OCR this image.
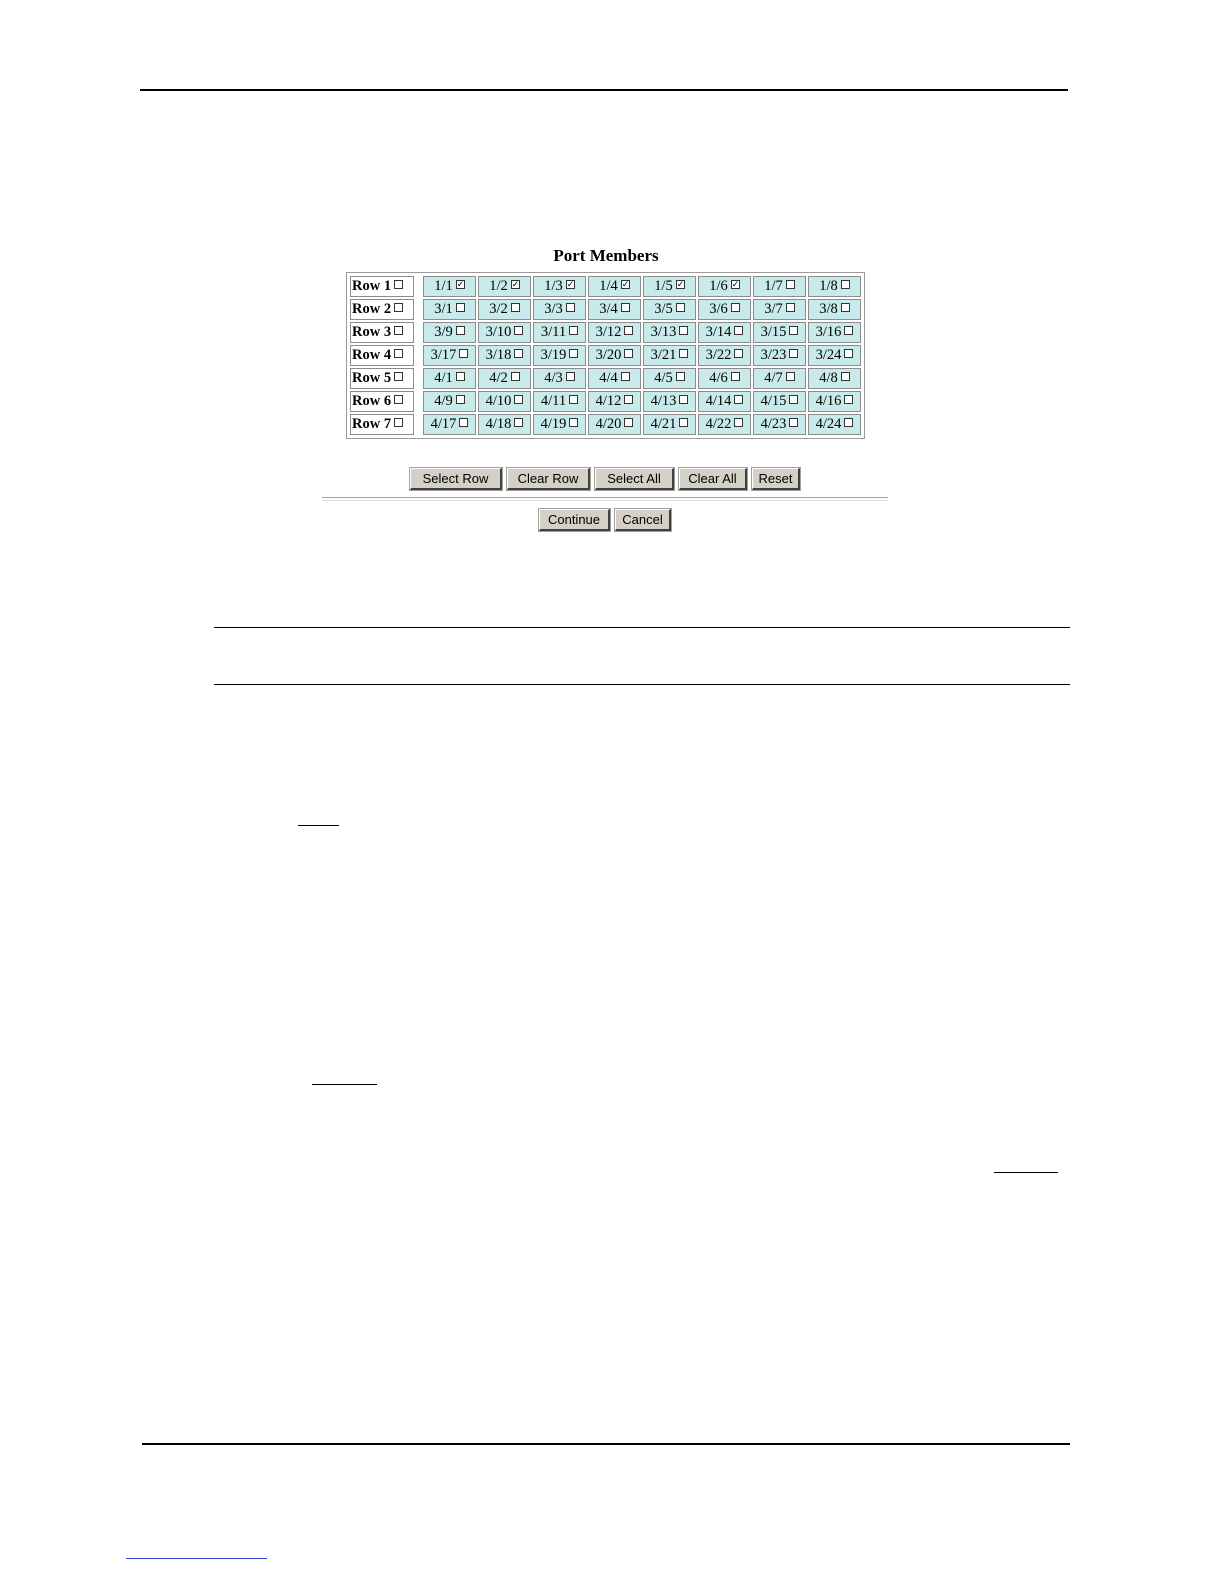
Port Members
Row 1		1/1✓	1/2✓	1/3✓	1/4✓	1/5✓	1/6✓	1/7	1/8
Row 2		3/1	3/2	3/3	3/4	3/5	3/6	3/7	3/8
Row 3		3/9	3/10	3/11	3/12	3/13	3/14	3/15	3/16
Row 4		3/17	3/18	3/19	3/20	3/21	3/22	3/23	3/24
Row 5		4/1	4/2	4/3	4/4	4/5	4/6	4/7	4/8
Row 6		4/9	4/10	4/11	4/12	4/13	4/14	4/15	4/16
Row 7		4/17	4/18	4/19	4/20	4/21	4/22	4/23	4/24
Select Row	Clear Row	Select All	Clear All	Reset
Continue	Cancel
